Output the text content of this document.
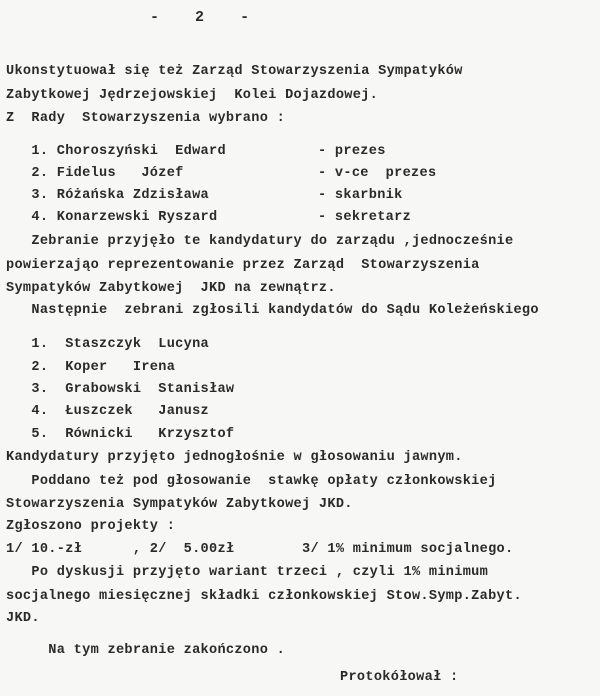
- 2 -
Ukonstytuował się też Zarząd Stowarzyszenia Sympatyków
Zabytkowej Jędrzejowskiej  Kolei Dojazdowej.
Z  Rady  Stowarzyszenia wybrano :
1. Choroszyński  Edward	- prezes
2. Fidelus   Józef	- v-ce  prezes
3. Różańska Zdzisława	- skarbnik
4. Konarzewski Ryszard	- sekretarz
Zebranie przyjęło te kandydatury do zarządu ,jednocześnie
powierzająo reprezentowanie przez Zarząd  Stowarzyszenia
Sympatyków Zabytkowej  JKD na zewnątrz.
Następnie  zebrani zgłosili kandydatów do Sądu Koleżeńskiego
1.  Staszczyk  Lucyna
2.  Koper   Irena
3.  Grabowski  Stanisław
4.  Łuszczek   Janusz
5.  Równicki   Krzysztof
Kandydatury przyjęto jednogłośnie w głosowaniu jawnym.
Poddano też pod głosowanie  stawkę opłaty członkowskiej
Stowarzyszenia Sympatyków Zabytkowej JKD.
Zgłoszono projekty :
1/ 10.-zł      , 2/  5.00zł        3/ 1% minimum socjalnego.
Po dyskusji przyjęto wariant trzeci , czyli 1% minimum
socjalnego miesięcznej składki członkowskiej Stow.Symp.Zabyt.
JKD.
Na tym zebranie zakończono .
Protokółował :
